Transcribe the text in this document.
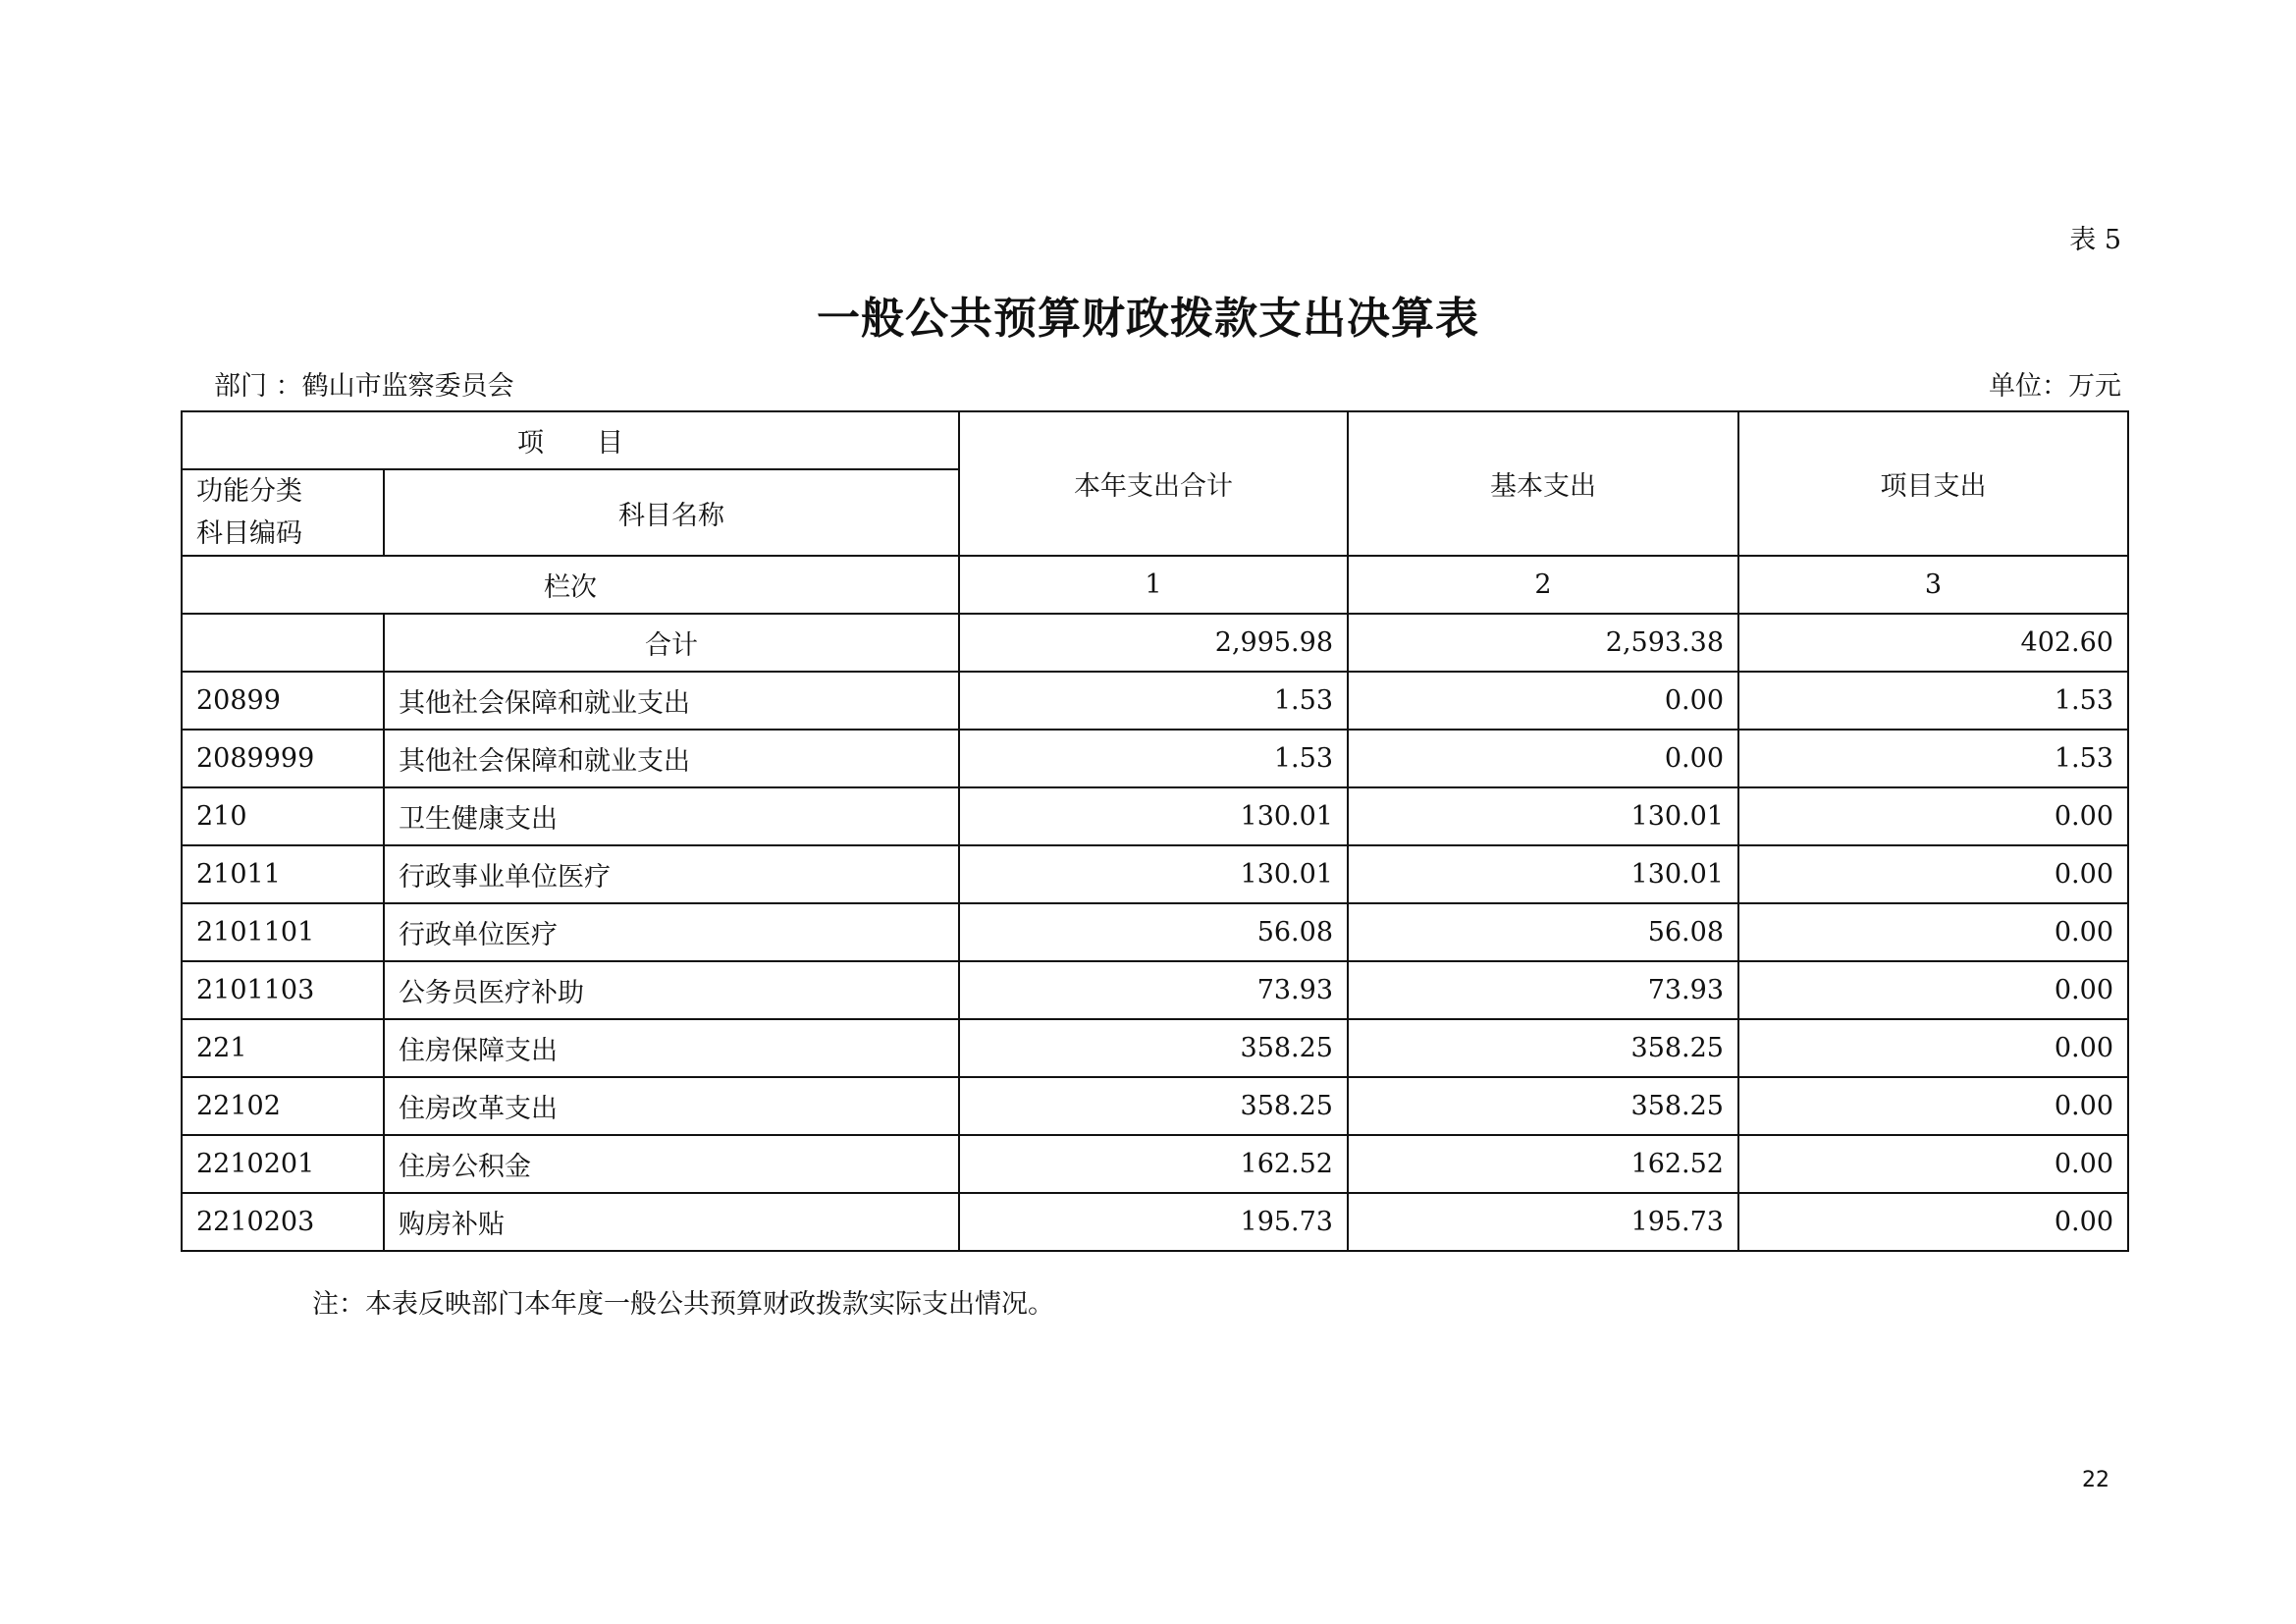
表 5
一般公共预算财政拨款支出决算表
部门 ：鹤山市监察委员会	单位：万元
项　　目		本年支出合计	基本支出	项目支出

功能分类
科目编码	科目名称			
栏次		1	2	3
	合计	2,995.98	2,593.38	402.60
20899	其他社会保障和就业支出	1.53	0.00	1.53
2089999	其他社会保障和就业支出	1.53	0.00	1.53
210	卫生健康支出	130.01	130.01	0.00
21011	行政事业单位医疗	130.01	130.01	0.00
2101101	行政单位医疗	56.08	56.08	0.00
2101103	公务员医疗补助	73.93	73.93	0.00
221	住房保障支出	358.25	358.25	0.00
22102	住房改革支出	358.25	358.25	0.00
2210201	住房公积金	162.52	162.52	0.00
2210203	购房补贴	195.73	195.73	0.00
注：本表反映部门本年度一般公共预算财政拨款实际支出情况。
22
